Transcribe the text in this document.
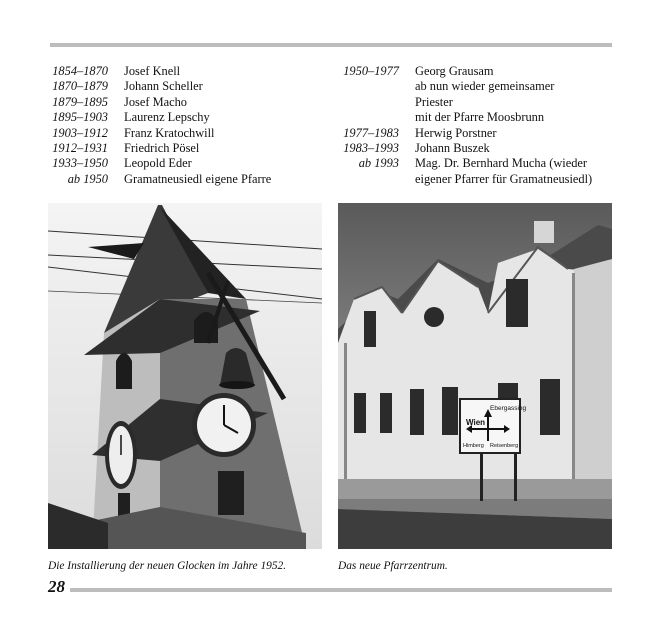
1854–1870 Josef Knell
1870–1879 Johann Scheller
1879–1895 Josef Macho
1895–1903 Laurenz Lepschy
1903–1912 Franz Kratochwill
1912–1931 Friedrich Pösel
1933–1950 Leopold Eder
ab 1950 Gramatneusiedl eigene Pfarre
1950–1977 Georg Grausam
ab nun wieder gemeinsamer
Priester
mit der Pfarre Moosbrunn
1977–1983 Herwig Porstner
1983–1993 Johann Buszek
ab 1993 Mag. Dr. Bernhard Mucha (wieder
eigener Pfarrer für Gramatneusiedl)
Ebergassing
Wien
Himberg Reisenberg
Die Installierung der neuen Glocken im Jahre 1952.	Das neue Pfarrzentrum.
28
